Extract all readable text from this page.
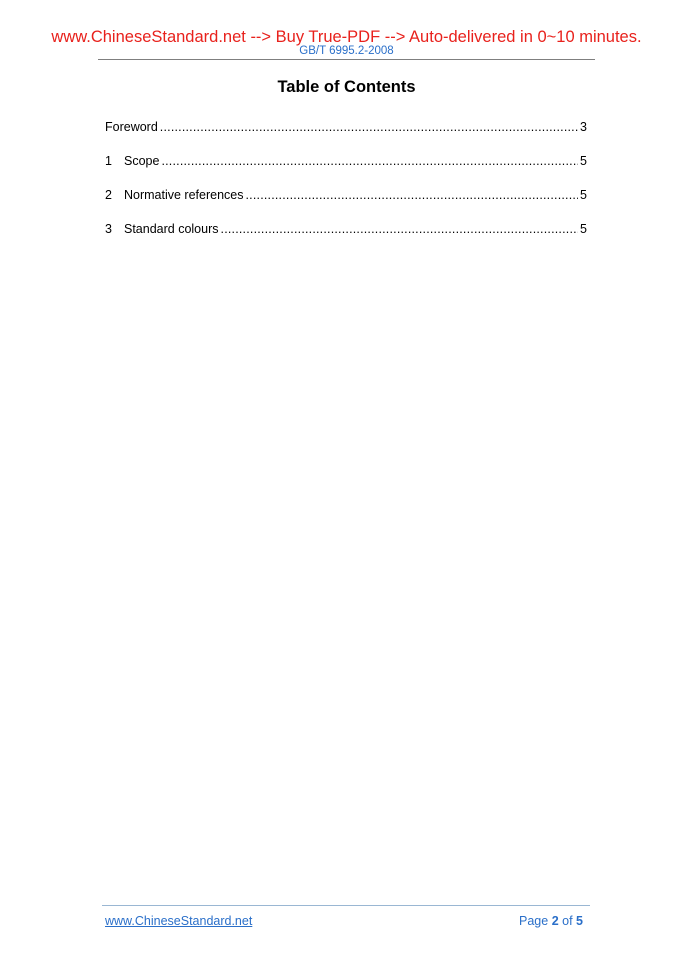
www.ChineseStandard.net --> Buy True-PDF --> Auto-delivered in 0~10 minutes.
GB/T 6995.2-2008
Table of Contents
Foreword .....	3
1 Scope .....	5
2 Normative references .....	5
3 Standard colours .....	5
www.ChineseStandard.net	Page 2 of 5
